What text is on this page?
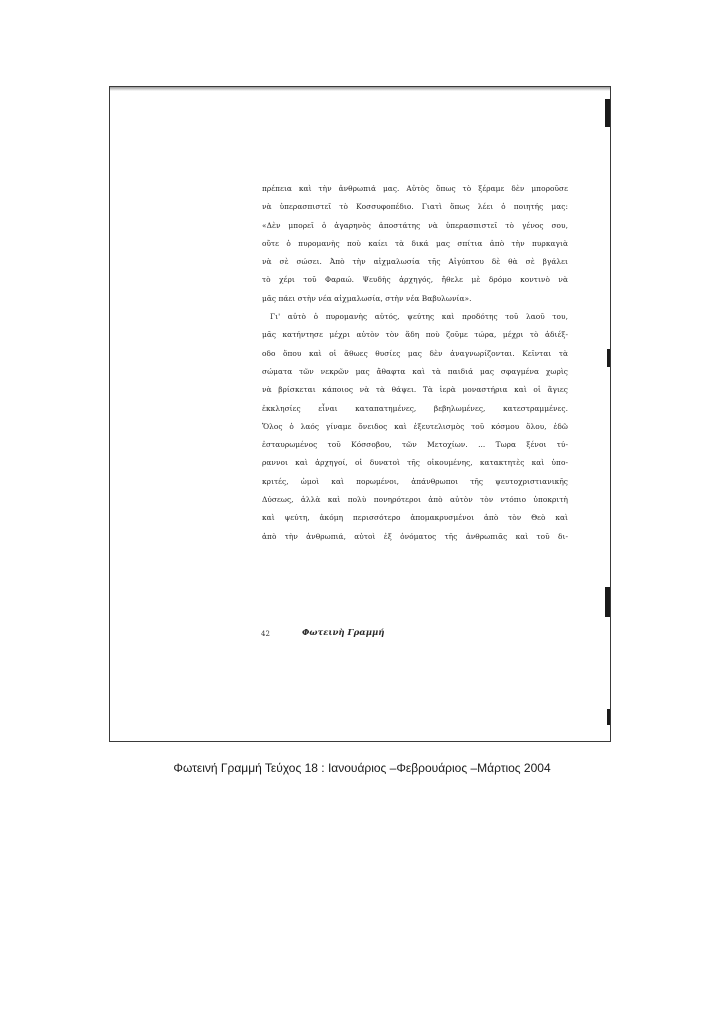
πρέπεια καὶ τὴν ἀνθρωπιά μας. Αὐτὸς ὅπως τὸ ξέραμε δὲν μποροῦσε
νὰ ὑπερασπιστεῖ τὸ Κοσσυφοπέδιο. Γιατὶ ὅπως λέει ὁ ποιητής μας:
«Δὲν μπορεῖ ὁ ἀγαρηνὸς ἀποστάτης νὰ ὑπερασπιστεῖ τὸ γένος σου,
οὔτε ὁ πυρομανὴς ποὺ καίει τὰ δικά μας σπίτια ἀπὸ τὴν πυρκαγιὰ
νὰ σὲ σώσει. Ἀπὸ τὴν αἰχμαλωσία τῆς Αἰγύπτου δὲ θὰ σὲ βγάλει
τὸ χέρι τοῦ Φαραώ. Ψευδὴς ἀρχηγός, ἤθελε μὲ δρόμο κοντινὸ νὰ
μᾶς πάει στὴν νέα αἰχμαλωσία, στὴν νέα Βαβυλωνία».
Γι' αὐτὸ ὁ πυρομανὴς αὐτός, ψεύτης καὶ προδότης τοῦ λαοῦ του,
μᾶς κατήντησε μέχρι αὐτὸν τὸν ἅδη ποὺ ζοῦμε τώρα, μέχρι τὸ ἀδιέξ-
οδο ὅπου καὶ οἱ ἄθωες θυσίες μας δὲν ἀναγνωρίζονται. Κεῖνται τὰ
σώματα τῶν νεκρῶν μας ἄθαφτα καὶ τὰ παιδιά μας σφαγμένα χωρὶς
νὰ βρίσκεται κάποιος νὰ τὰ θάψει. Τὰ ἱερὰ μοναστήρια καὶ οἱ ἅγιες
ἐκκλησίες εἶναι καταπατημένες, βεβηλωμένες, κατεστραμμένες.
Ὅλος ὁ λαός γίναμε ὄνειδος καὶ ἐξευτελισμὸς τοῦ κόσμου ὅλου, ἐδῶ
ἐσταυρωμένος τοῦ Κόσσοβου, τῶν Μετοχίων. ... Τωρα ξένοι τύ-
ραννοι καὶ ἀρχηγοί, οἱ δυνατοὶ τῆς οἰκουμένης, κατακτητὲς καὶ ὑπο-
κριτές, ὠμοὶ καὶ πορωμένοι, ἀπάνθρωποι τῆς ψευτοχριστιανικῆς
Δύσεως, ἀλλὰ καὶ πολὺ πονηρότεροι ἀπὸ αὐτὸν τὸν ντόπιο ὑποκριτὴ
καὶ ψεύτη, ἀκόμη περισσότερο ἀπομακρυσμένοι ἀπὸ τὸν Θεὸ καὶ
ἀπὸ τὴν ἀνθρωπιά, αὐτοὶ ἐξ ὀνόματος τῆς ἀνθρωπιᾶς καὶ τοῦ δι-
42	Φωτεινὴ Γραμμή
Φωτεινή Γραμμή Τεύχος 18 : Ιανουάριος –Φεβρουάριος –Μάρτιος 2004
